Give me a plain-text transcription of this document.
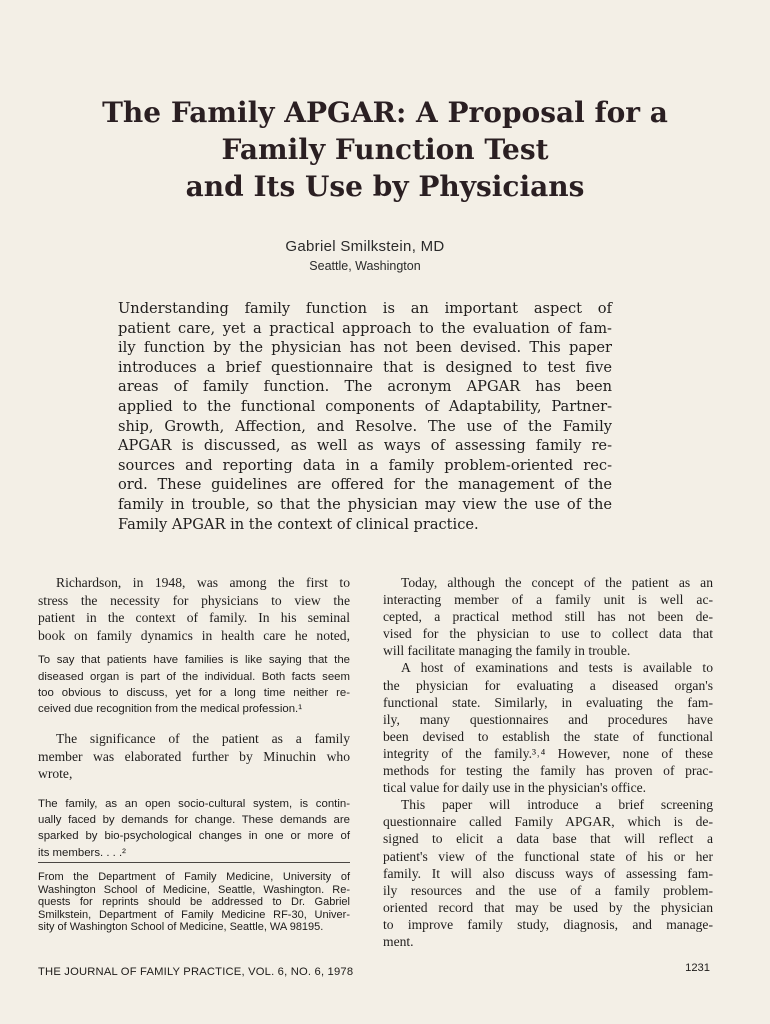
The Family APGAR: A Proposal for a
Family Function Test
and Its Use by Physicians
Gabriel Smilkstein, MD
Seattle, Washington
Understanding family function is an important aspect of
patient care, yet a practical approach to the evaluation of fam-
ily function by the physician has not been devised. This paper
introduces a brief questionnaire that is designed to test five
areas of family function. The acronym APGAR has been
applied to the functional components of Adaptability, Partner-
ship, Growth, Affection, and Resolve. The use of the Family
APGAR is discussed, as well as ways of assessing family re-
sources and reporting data in a family problem-oriented rec-
ord. These guidelines are offered for the management of the
family in trouble, so that the physician may view the use of the
Family APGAR in the context of clinical practice.
Richardson, in 1948, was among the first to
stress the necessity for physicians to view the
patient in the context of family. In his seminal
book on family dynamics in health care he noted,
To say that patients have families is like saying that the
diseased organ is part of the individual. Both facts seem
too obvious to discuss, yet for a long time neither re-
ceived due recognition from the medical profession.¹
The significance of the patient as a family
member was elaborated further by Minuchin who
wrote,
The family, as an open socio-cultural system, is contin-
ually faced by demands for change. These demands are
sparked by bio-psychological changes in one or more of
its members. . . .²
From the Department of Family Medicine, University of
Washington School of Medicine, Seattle, Washington. Re-
quests for reprints should be addressed to Dr. Gabriel
Smilkstein, Department of Family Medicine RF-30, Univer-
sity of Washington School of Medicine, Seattle, WA 98195.
Today, although the concept of the patient as an
interacting member of a family unit is well ac-
cepted, a practical method still has not been de-
vised for the physician to use to collect data that
will facilitate managing the family in trouble.
A host of examinations and tests is available to
the physician for evaluating a diseased organ's
functional state. Similarly, in evaluating the fam-
ily, many questionnaires and procedures have
been devised to establish the state of functional
integrity of the family.³˒⁴ However, none of these
methods for testing the family has proven of prac-
tical value for daily use in the physician's office.
This paper will introduce a brief screening
questionnaire called Family APGAR, which is de-
signed to elicit a data base that will reflect a
patient's view of the functional state of his or her
family. It will also discuss ways of assessing fam-
ily resources and the use of a family problem-
oriented record that may be used by the physician
to improve family study, diagnosis, and manage-
ment.
THE JOURNAL OF FAMILY PRACTICE, VOL. 6, NO. 6, 1978	1231
